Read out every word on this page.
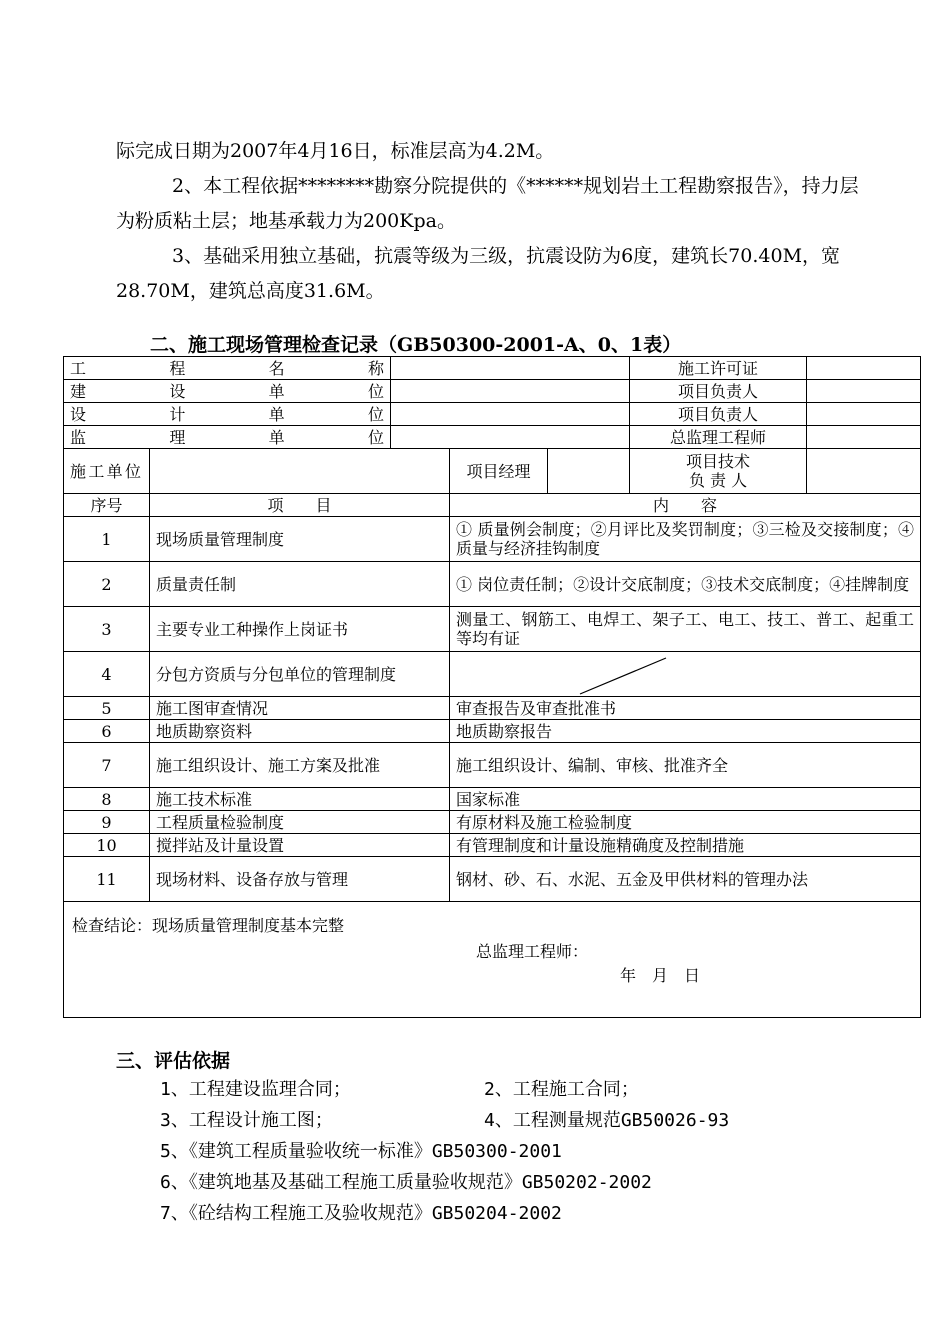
际完成日期为2007年4月16日，标准层高为4.2M。
2、本工程依据********勘察分院提供的《******规划岩土工程勘察报告》，持力层为粉质粘土层；地基承载力为200Kpa。
3、基础采用独立基础，抗震等级为三级，抗震设防为6度，建筑长70.40M，宽28.70M，建筑总高度31.6M。
二、施工现场管理检查记录（GB50300-2001-A、0、1表）
工程名称					施工许可证	
建设单位					项目负责人	
设计单位					项目负责人	
监理单位					总监理工程师	
施工单位			项目经理		项目技术
负 责 人	

序号	项　　目		内　　容			
1	现场质量管理制度		① 质量例会制度；②月评比及奖罚制度；③三检及交接制度；④质量与经济挂钩制度			
2	质量责任制		① 岗位责任制；②设计交底制度；③技术交底制度；④挂牌制度			
3	主要专业工种操作上岗证书		测量工、钢筋工、电焊工、架子工、电工、技工、普工、起重工等均有证			
4	分包方资质与分包单位的管理制度	

5	施工图审查情况		审查报告及审查批准书			
6	地质勘察资料		地质勘察报告			
7	施工组织设计、施工方案及批准		施工组织设计、编制、审核、批准齐全			
8	施工技术标准		国家标准			
9	工程质量检验制度		有原材料及施工检验制度			
10	搅拌站及计量设置		有管理制度和计量设施精确度及控制措施			
11	现场材料、设备存放与管理		钢材、砂、石、水泥、五金及甲供材料的管理办法			

检查结论：现场质量管理制度基本完整
总监理工程师：
年　月　日						
三、评估依据
1、工程建设监理合同；	2、工程施工合同；
3、工程设计施工图；	4、工程测量规范GB50026-93
5、《建筑工程质量验收统一标准》GB50300-2001
6、《建筑地基及基础工程施工质量验收规范》GB50202-2002
7、《砼结构工程施工及验收规范》GB50204-2002
